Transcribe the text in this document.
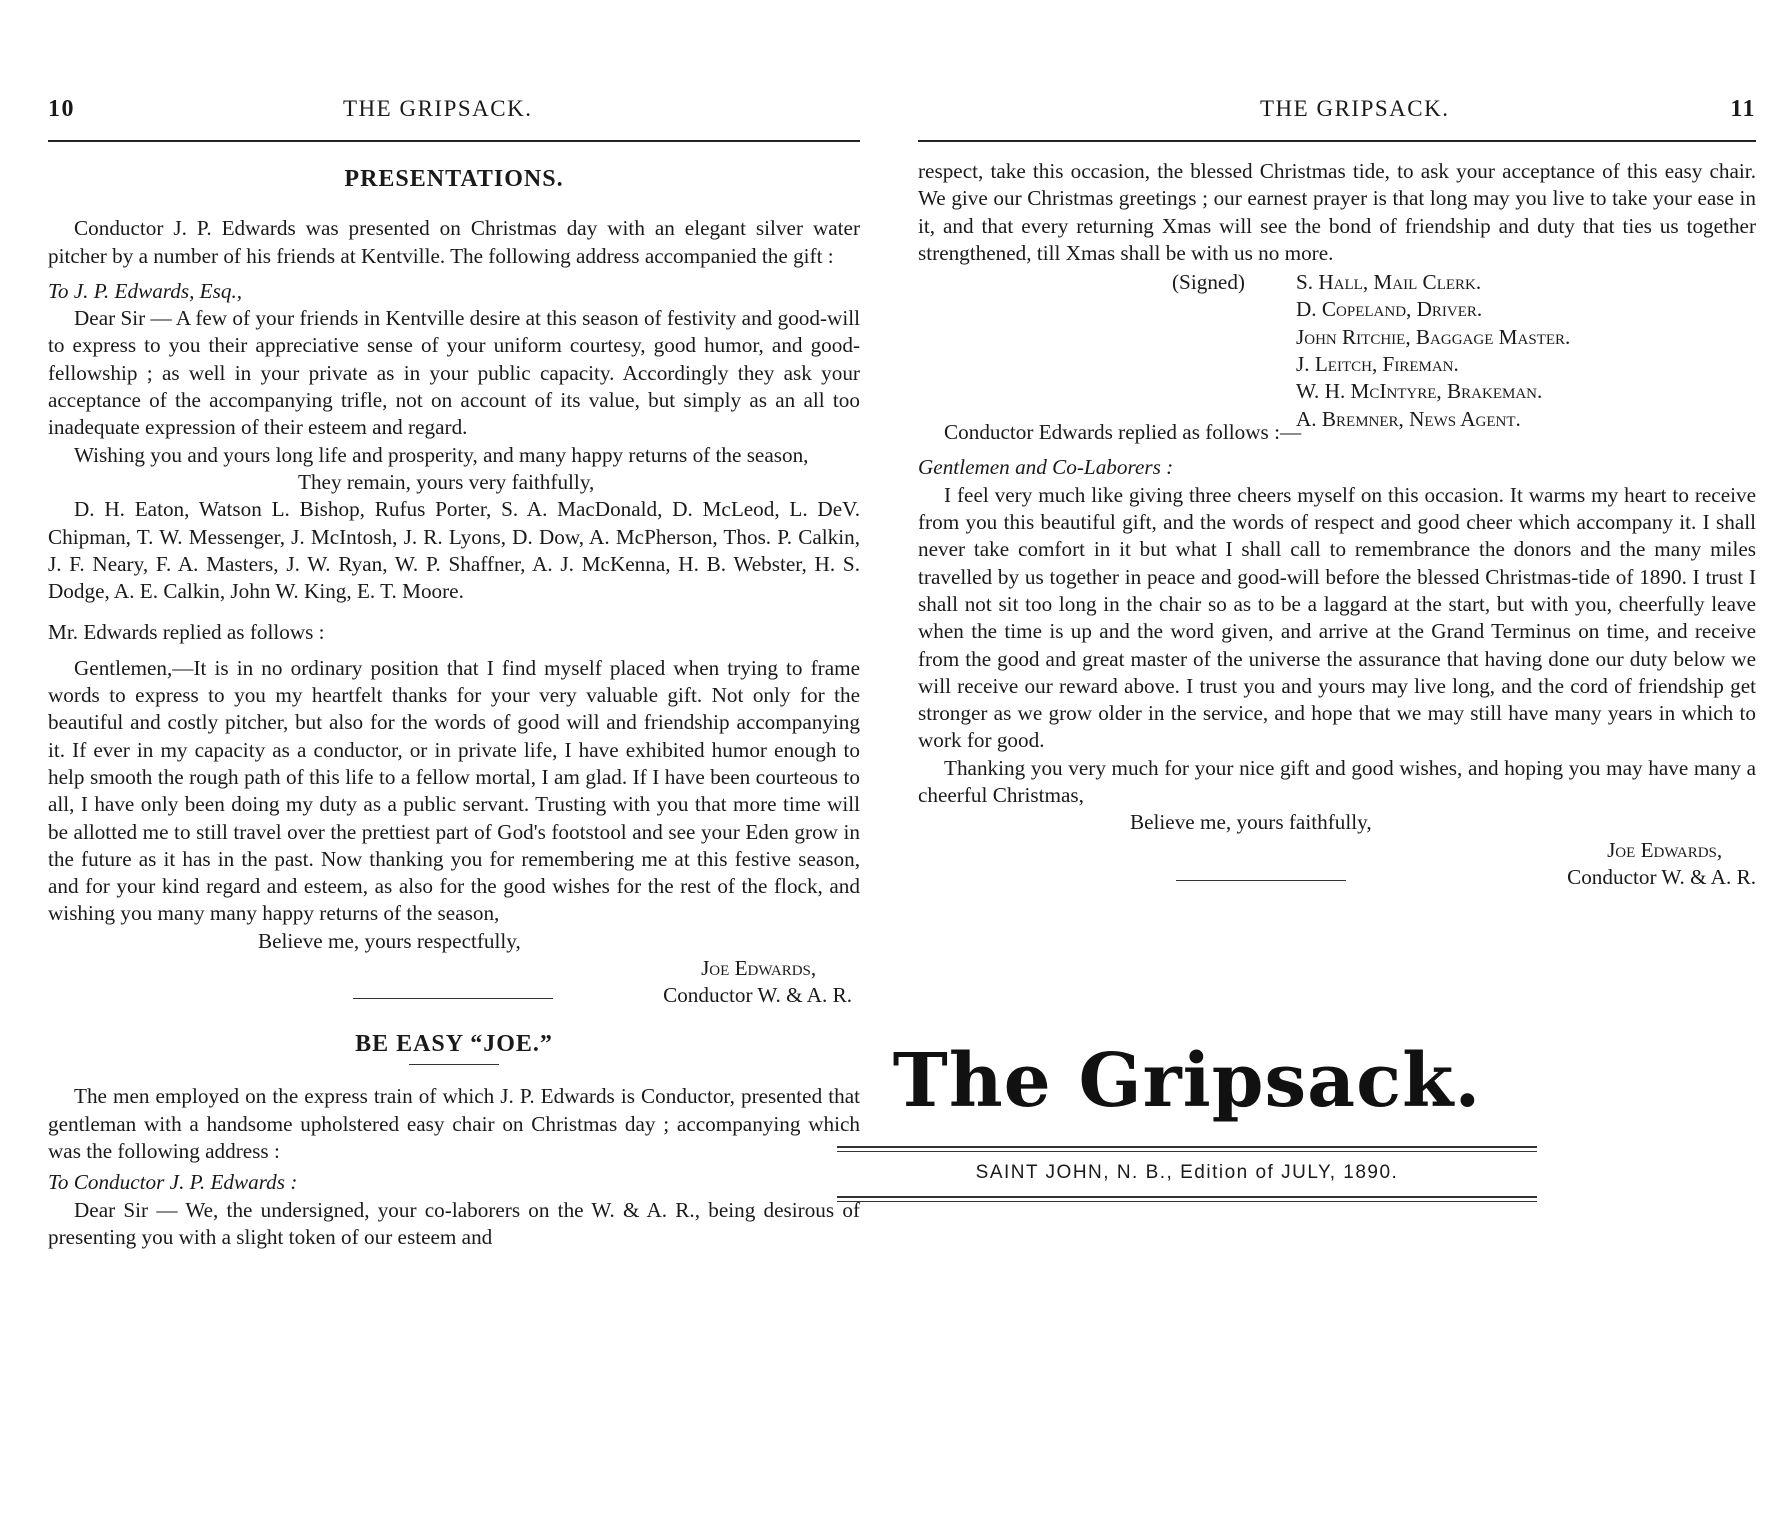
10	THE GRIPSACK.

PRESENTATIONS.

Conductor J. P. Edwards was presented on Christmas day with an elegant silver water pitcher by a number of his friends at Kentville. The following address accompanied the gift :

To J. P. Edwards, Esq.,

Dear Sir — A few of your friends in Kentville desire at this season of festivity and good-will to express to you their appreciative sense of your uniform courtesy, good humor, and good-fellowship ; as well in your private as in your public capacity. Accordingly they ask your acceptance of the accompanying trifle, not on account of its value, but simply as an all too inadequate expression of their esteem and regard.

Wishing you and yours long life and prosperity, and many happy returns of the season,

They remain, yours very faithfully,

D. H. Eaton, Watson L. Bishop, Rufus Porter, S. A. MacDonald, D. McLeod, L. DeV. Chipman, T. W. Messenger, J. McIntosh, J. R. Lyons, D. Dow, A. McPherson, Thos. P. Calkin, J. F. Neary, F. A. Masters, J. W. Ryan, W. P. Shaffner, A. J. McKenna, H. B. Webster, H. S. Dodge, A. E. Calkin, John W. King, E. T. Moore.

Mr. Edwards replied as follows :

Gentlemen,—It is in no ordinary position that I find myself placed when trying to frame words to express to you my heartfelt thanks for your very valuable gift. Not only for the beautiful and costly pitcher, but also for the words of good will and friendship accompanying it. If ever in my capacity as a conductor, or in private life, I have exhibited humor enough to help smooth the rough path of this life to a fellow mortal, I am glad. If I have been courteous to all, I have only been doing my duty as a public servant. Trusting with you that more time will be allotted me to still travel over the prettiest part of God's footstool and see your Eden grow in the future as it has in the past. Now thanking you for remembering me at this festive season, and for your kind regard and esteem, as also for the good wishes for the rest of the flock, and wishing you many many happy returns of the season,

Believe me, yours respectfully,

Joe Edwards,
Conductor W. & A. R.

BE EASY “JOE.”

The men employed on the express train of which J. P. Edwards is Conductor, presented that gentleman with a handsome upholstered easy chair on Christmas day ; accompanying which was the following address :

To Conductor J. P. Edwards :

Dear Sir — We, the undersigned, your co-laborers on the W. & A. R., being desirous of presenting you with a slight token of our esteem and

THE GRIPSACK.	11

respect, take this occasion, the blessed Christmas tide, to ask your acceptance of this easy chair. We give our Christmas greetings ; our earnest prayer is that long may you live to take your ease in it, and that every returning Xmas will see the bond of friendship and duty that ties us together strengthened, till Xmas shall be with us no more.

(Signed) S. Hall, Mail Clerk.
D. Copeland, Driver.
John Ritchie, Baggage Master.
J. Leitch, Fireman.
W. H. McIntyre, Brakeman.
A. Bremner, News Agent.

Conductor Edwards replied as follows :—

Gentlemen and Co-Laborers :

I feel very much like giving three cheers myself on this occasion. It warms my heart to receive from you this beautiful gift, and the words of respect and good cheer which accompany it. I shall never take comfort in it but what I shall call to remembrance the donors and the many miles travelled by us together in peace and good-will before the blessed Christmas-tide of 1890. I trust I shall not sit too long in the chair so as to be a laggard at the start, but with you, cheerfully leave when the time is up and the word given, and arrive at the Grand Terminus on time, and receive from the good and great master of the universe the assurance that having done our duty below we will receive our reward above. I trust you and yours may live long, and the cord of friendship get stronger as we grow older in the service, and hope that we may still have many years in which to work for good.

Thanking you very much for your nice gift and good wishes, and hoping you may have many a cheerful Christmas,

Believe me, yours faithfully,

Joe Edwards,
Conductor W. & A. R.

The Gripsack.

SAINT JOHN, N. B., Edition of JULY, 1890.
